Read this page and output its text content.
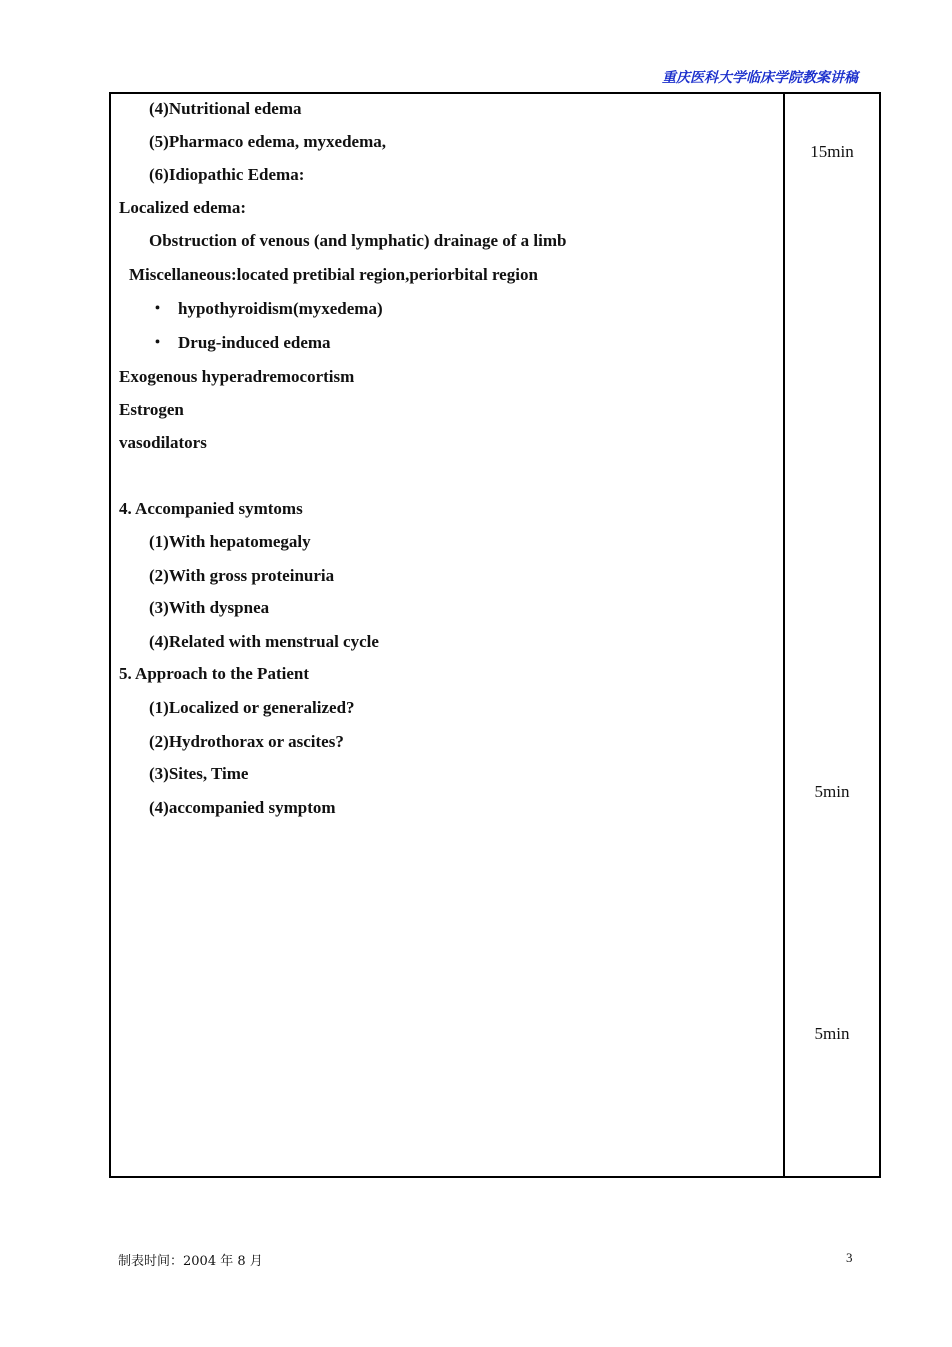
重庆医科大学临床学院教案讲稿
(4)Nutritional edema
(5)Pharmaco edema, myxedema,
(6)Idiopathic Edema:
Localized edema:
Obstruction of venous (and lymphatic) drainage of a limb
Miscellaneous:located pretibial region,periorbital region
・ hypothyroidism(myxedema)
・ Drug-induced edema
Exogenous hyperadremocortism
Estrogen
vasodilators
4. Accompanied symtoms
(1)With hepatomegaly
(2)With gross proteinuria
(3)With dyspnea
(4)Related with menstrual cycle
5. Approach to the Patient
(1)Localized or generalized?
(2)Hydrothorax or ascites?
(3)Sites, Time
(4)accompanied symptom
15min
5min
5min
制表时间：2004 年 8 月	3
